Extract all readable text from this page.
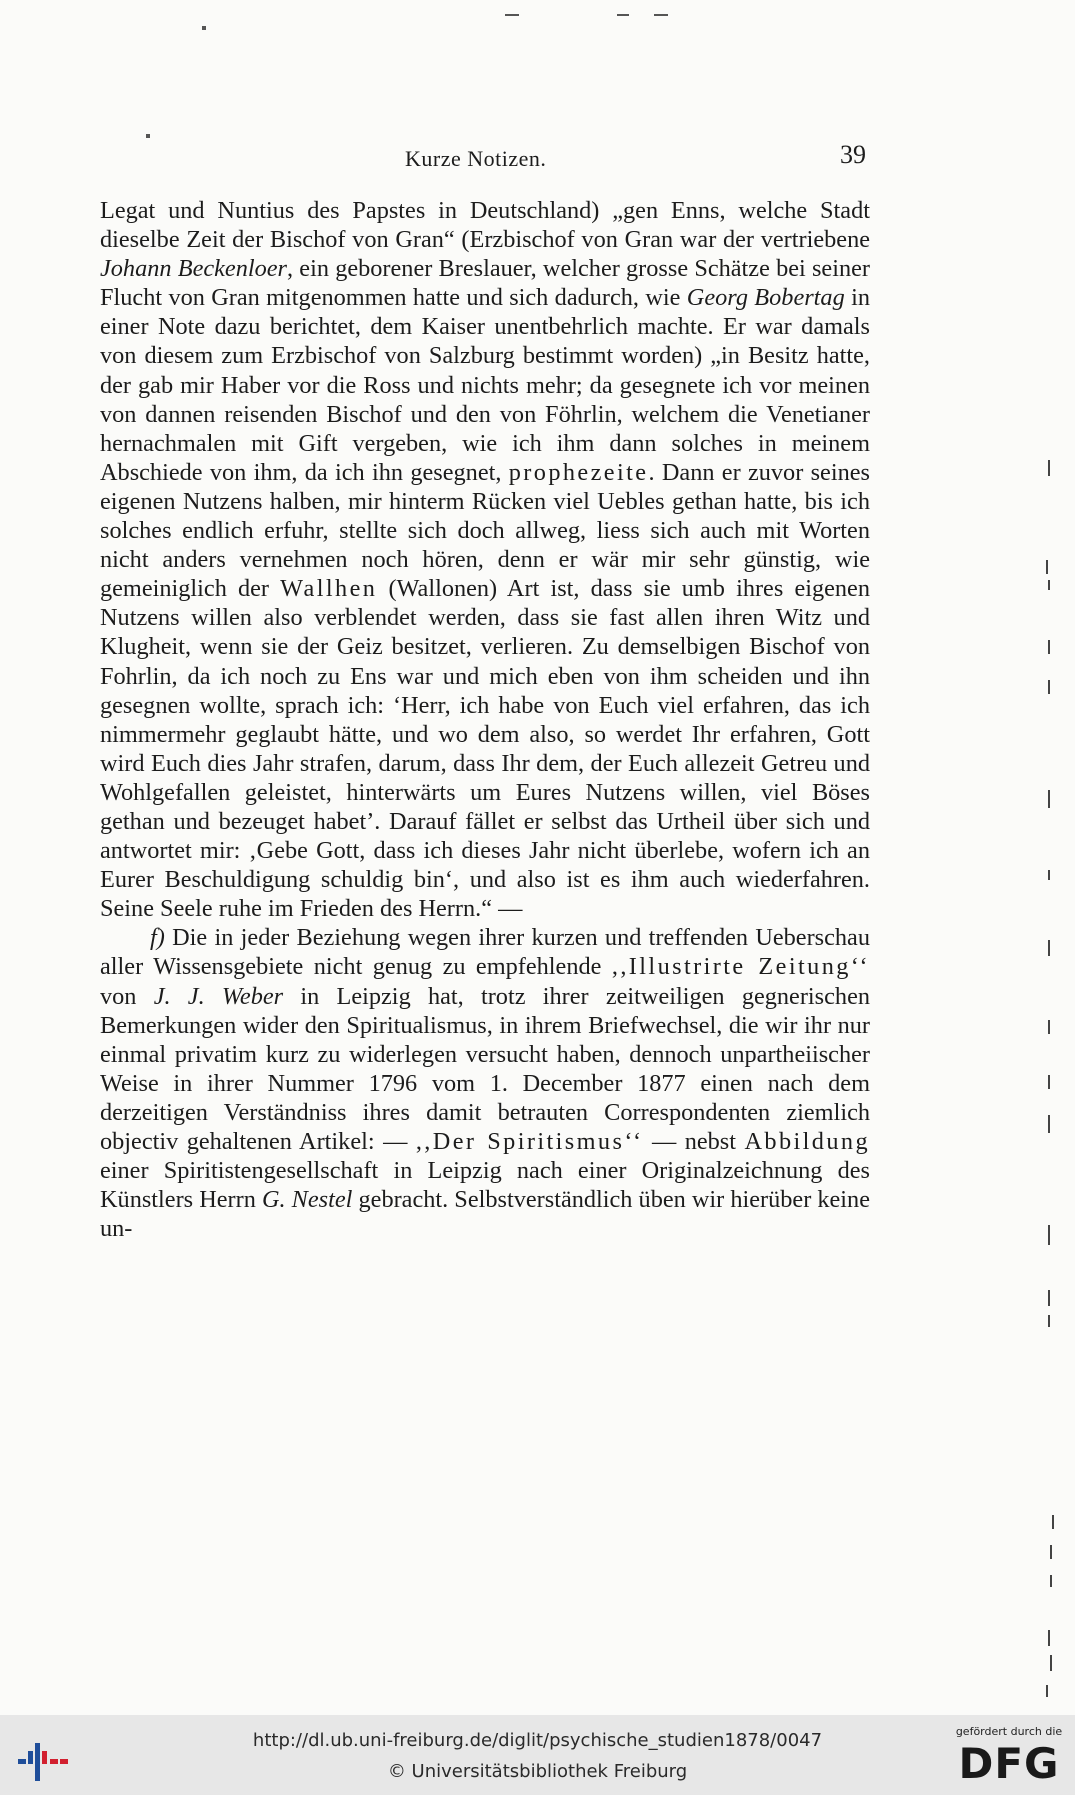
Kurze Notizen.	39

Legat und Nuntius des Papstes in Deutschland) „gen Enns, welche Stadt dieselbe Zeit der Bischof von Gran“ (Erzbischof von Gran war der vertriebene Johann Beckenloer, ein geborener Breslauer, welcher grosse Schätze bei seiner Flucht von Gran mitgenommen hatte und sich dadurch, wie Georg Bobertag in einer Note dazu berichtet, dem Kaiser unentbehrlich machte. Er war damals von diesem zum Erzbischof von Salzburg bestimmt worden) „in Besitz hatte, der gab mir Haber vor die Ross und nichts mehr; da gesegnete ich vor meinen von dannen reisenden Bischof und den von Föhrlin, welchem die Venetianer hernachmalen mit Gift vergeben, wie ich ihm dann solches in meinem Abschiede von ihm, da ich ihn gesegnet, prophezeite. Dann er zuvor seines eigenen Nutzens halben, mir hinterm Rücken viel Uebles gethan hatte, bis ich solches endlich erfuhr, stellte sich doch allweg, liess sich auch mit Worten nicht anders vernehmen noch hören, denn er wär mir sehr günstig, wie gemeiniglich der Wallhen (Wallonen) Art ist, dass sie umb ihres eigenen Nutzens willen also verblendet werden, dass sie fast allen ihren Witz und Klugheit, wenn sie der Geiz besitzet, verlieren. Zu demselbigen Bischof von Fohrlin, da ich noch zu Ens war und mich eben von ihm scheiden und ihn gesegnen wollte, sprach ich: ‘Herr, ich habe von Euch viel erfahren, das ich nimmermehr geglaubt hätte, und wo dem also, so werdet Ihr erfahren, Gott wird Euch dies Jahr strafen, darum, dass Ihr dem, der Euch allezeit Getreu und Wohlgefallen geleistet, hinterwärts um Eures Nutzens willen, viel Böses gethan und bezeuget habet’. Darauf fället er selbst das Urtheil über sich und antwortet mir: ‚Gebe Gott, dass ich dieses Jahr nicht überlebe, wofern ich an Eurer Beschuldigung schuldig bin‘, und also ist es ihm auch wiederfahren. Seine Seele ruhe im Frieden des Herrn.“ —

f) Die in jeder Beziehung wegen ihrer kurzen und treffenden Ueberschau aller Wissensgebiete nicht genug zu empfehlende ,,Illustrirte Zeitung‘‘ von J. J. Weber in Leipzig hat, trotz ihrer zeitweiligen gegnerischen Bemerkungen wider den Spiritualismus, in ihrem Briefwechsel, die wir ihr nur einmal privatim kurz zu widerlegen versucht haben, dennoch unpartheiischer Weise in ihrer Nummer 1796 vom 1. December 1877 einen nach dem derzeitigen Verständniss ihres damit betrauten Correspondenten ziemlich objectiv gehaltenen Artikel: — ,,Der Spiritismus‘‘ — nebst Abbildung einer Spiritistengesellschaft in Leipzig nach einer Originalzeichnung des Künstlers Herrn G. Nestel gebracht. Selbstverständlich üben wir hierüber keine un-

http://dl.ub.uni-freiburg.de/diglit/psychische_studien1878/0047
© Universitätsbibliothek Freiburg
gefördert durch die
DFG
